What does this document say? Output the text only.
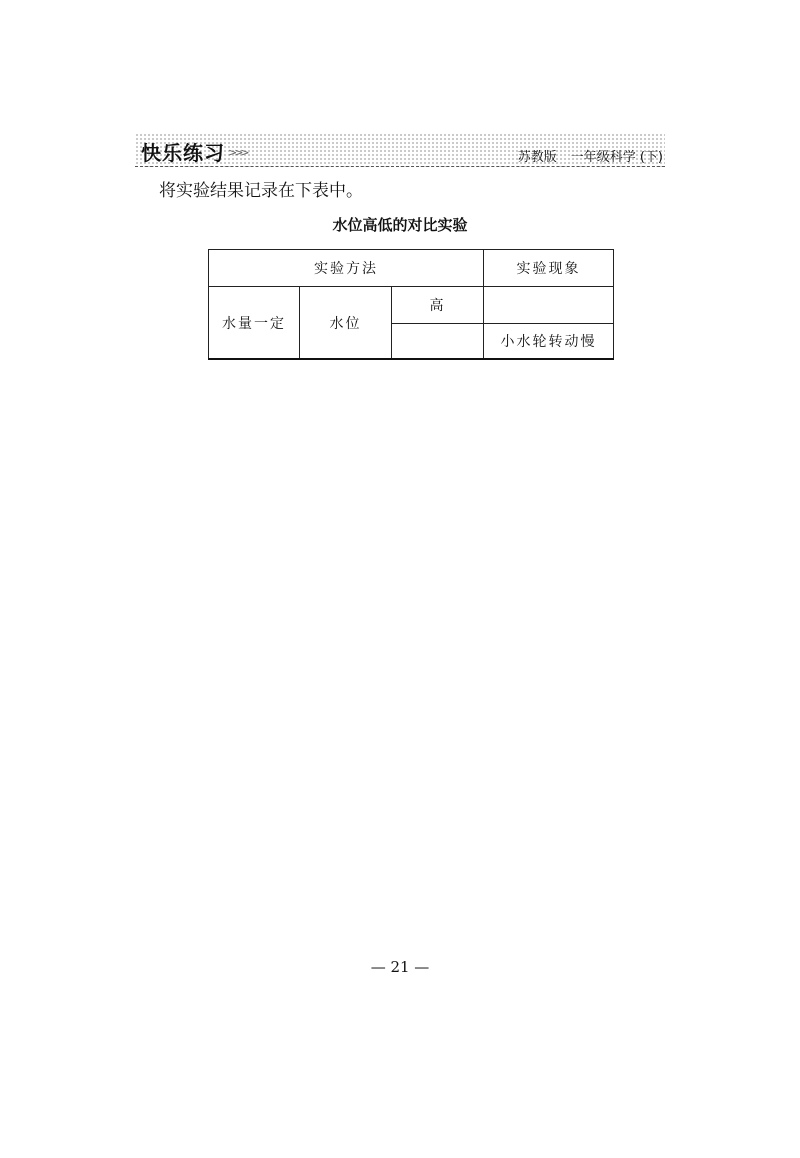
快乐练习 >>>	苏教版 一年级科学 (下)
将实验结果记录在下表中。
水位高低的对比实验
实验方法			实验现象
水量一定	水位	高	
			小水轮转动慢
— 21 —
